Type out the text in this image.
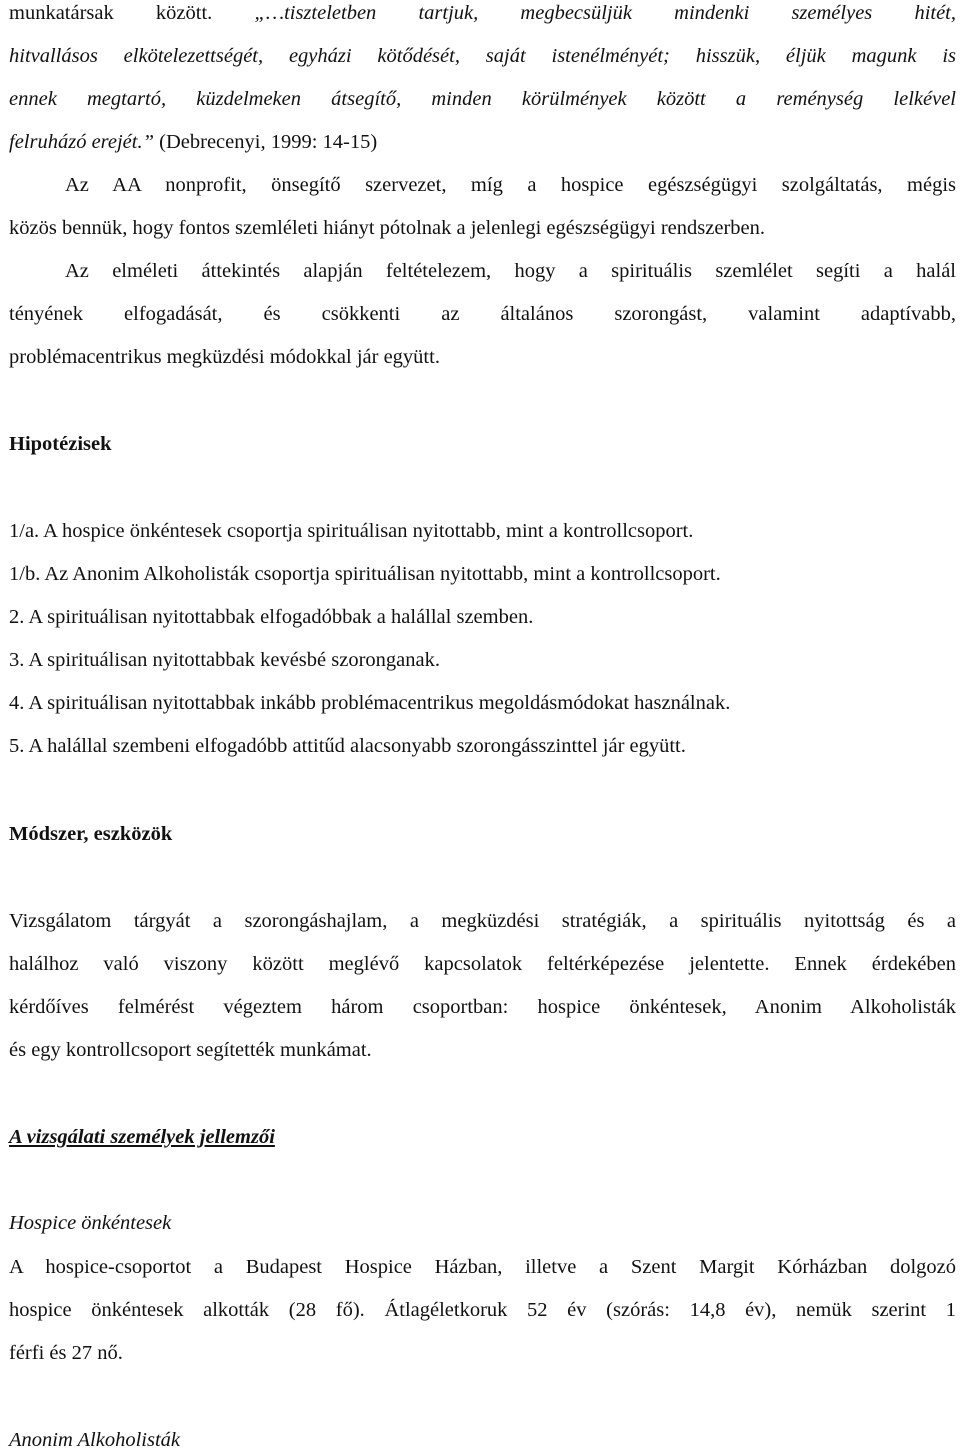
munkatársak között. „…tiszteletben tartjuk, megbecsüljük mindenki személyes hitét,
hitvallásos elkötelezettségét, egyházi kötődését, saját istenélményét; hisszük, éljük magunk is
ennek megtartó, küzdelmeken átsegítő, minden körülmények között a reménység lelkével
felruházó erejét.” (Debrecenyi, 1999: 14-15)
Az AA nonprofit, önsegítő szervezet, míg a hospice egészségügyi szolgáltatás, mégis
közös bennük, hogy fontos szemléleti hiányt pótolnak a jelenlegi egészségügyi rendszerben.
Az elméleti áttekintés alapján feltételezem, hogy a spirituális szemlélet segíti a halál
tényének elfogadását, és csökkenti az általános szorongást, valamint adaptívabb,
problémacentrikus megküzdési módokkal jár együtt.
Hipotézisek
1/a. A hospice önkéntesek csoportja spirituálisan nyitottabb, mint a kontrollcsoport.
1/b. Az Anonim Alkoholisták csoportja spirituálisan nyitottabb, mint a kontrollcsoport.
2. A spirituálisan nyitottabbak elfogadóbbak a halállal szemben.
3. A spirituálisan nyitottabbak kevésbé szoronganak.
4. A spirituálisan nyitottabbak inkább problémacentrikus megoldásmódokat használnak.
5. A halállal szembeni elfogadóbb attitűd alacsonyabb szorongásszinttel jár együtt.
Módszer, eszközök
Vizsgálatom tárgyát a szorongáshajlam, a megküzdési stratégiák, a spirituális nyitottság és a
halálhoz való viszony között meglévő kapcsolatok feltérképezése jelentette. Ennek érdekében
kérdőíves felmérést végeztem három csoportban: hospice önkéntesek, Anonim Alkoholisták
és egy kontrollcsoport segítették munkámat.
A vizsgálati személyek jellemzői
Hospice önkéntesek
A hospice-csoportot a Budapest Hospice Házban, illetve a Szent Margit Kórházban dolgozó
hospice önkéntesek alkották (28 fő). Átlagéletkoruk 52 év (szórás: 14,8 év), nemük szerint 1
férfi és 27 nő.
Anonim Alkoholisták
